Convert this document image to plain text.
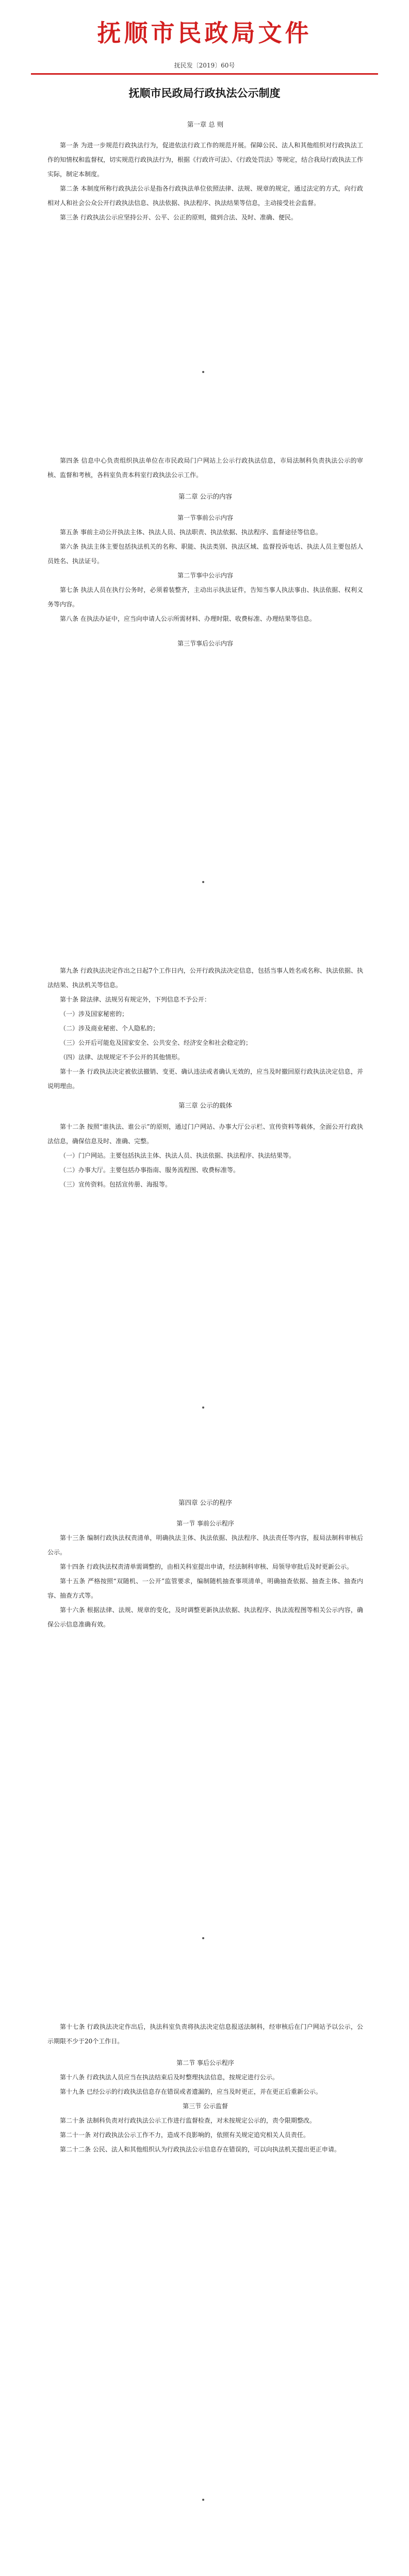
抚顺市民政局文件
抚民发〔2019〕60号
抚顺市民政局行政执法公示制度

第一章 总 则

第一条 为进一步规范行政执法行为，促进依法行政工作的规范开展。保障公民、法人和其他组织对行政执法工作的知情权和监督权，切实规范行政执法行为，根据《行政许可法》、《行政处罚法》等规定，结合我局行政执法工作实际，制定本制度。

第二条 本制度所称行政执法公示是指各行政执法单位依照法律、法规、规章的规定，通过法定的方式，向行政相对人和社会公众公开行政执法信息、执法依据、执法程序、执法结果等信息，主动接受社会监督。

第三条 行政执法公示应坚持公开、公平、公正的原则，做到合法、及时、准确、便民。

第四条 信息中心负责组织执法单位在市民政局门户网站上公示行政执法信息，市局法制科负责执法公示的审核、监督和考核，各科室负责本科室行政执法公示工作。

第二章 公示的内容

第一节事前公示内容

第五条 事前主动公开执法主体、执法人员、执法职责、执法依据、执法程序、监督途径等信息。

第六条 执法主体主要包括执法机关的名称、职能、执法类别、执法区域、监督投诉电话、执法人员主要包括人员姓名、执法证号。

第二节事中公示内容

第七条 执法人员在执行公务时，必须着装整齐，主动出示执法证件，告知当事人执法事由、执法依据、权利义务等内容。

第八条 在执法办证中，应当向申请人公示所需材料、办理时限、收费标准、办理结果等信息。

第三节事后公示内容

第九条 行政执法决定作出之日起7个工作日内，公开行政执法决定信息，包括当事人姓名或名称、执法依据、执法结果、执法机关等信息。

第十条 除法律、法规另有规定外，下列信息不予公开：

（一）涉及国家秘密的；

（二）涉及商业秘密、个人隐私的；

（三）公开后可能危及国家安全、公共安全、经济安全和社会稳定的；

（四）法律、法规规定不予公开的其他情形。

第十一条 行政执法决定被依法撤销、变更、确认违法或者确认无效的，应当及时撤回原行政执法决定信息，并说明理由。

第三章 公示的载体

第十二条 按照“谁执法、谁公示”的原则，通过门户网站、办事大厅公示栏、宣传资料等载体，全面公开行政执法信息，确保信息及时、准确、完整。

（一）门户网站。主要包括执法主体、执法人员、执法依据、执法程序、执法结果等。

（二）办事大厅。主要包括办事指南、服务流程图、收费标准等。

（三）宣传资料。包括宣传册、海报等。

第四章 公示的程序

第一节 事前公示程序

第十三条 编制行政执法权责清单，明确执法主体、执法依据、执法程序、执法责任等内容，报局法制科审核后公示。

第十四条 行政执法权责清单需调整的，由相关科室提出申请，经法制科审核、局领导审批后及时更新公示。

第十五条 严格按照“双随机、一公开”监管要求，编制随机抽查事项清单，明确抽查依据、抽查主体、抽查内容、抽查方式等。

第十六条 根据法律、法规、规章的变化，及时调整更新执法依据、执法程序、执法流程图等相关公示内容，确保公示信息准确有效。

第十七条 行政执法决定作出后，执法科室负责将执法决定信息报送法制科，经审核后在门户网站予以公示，公示期限不少于20个工作日。

第二节 事后公示程序

第十八条 行政执法人员应当在执法结束后及时整理执法信息，按规定进行公示。

第十九条 已经公示的行政执法信息存在错误或者遗漏的，应当及时更正，并在更正后重新公示。

第三节 公示监督

第二十条 法制科负责对行政执法公示工作进行监督检查，对未按规定公示的，责令限期整改。

第二十一条 对行政执法公示工作不力，造成不良影响的，依照有关规定追究相关人员责任。

第二十二条 公民、法人和其他组织认为行政执法公示信息存在错误的，可以向执法机关提出更正申请。
